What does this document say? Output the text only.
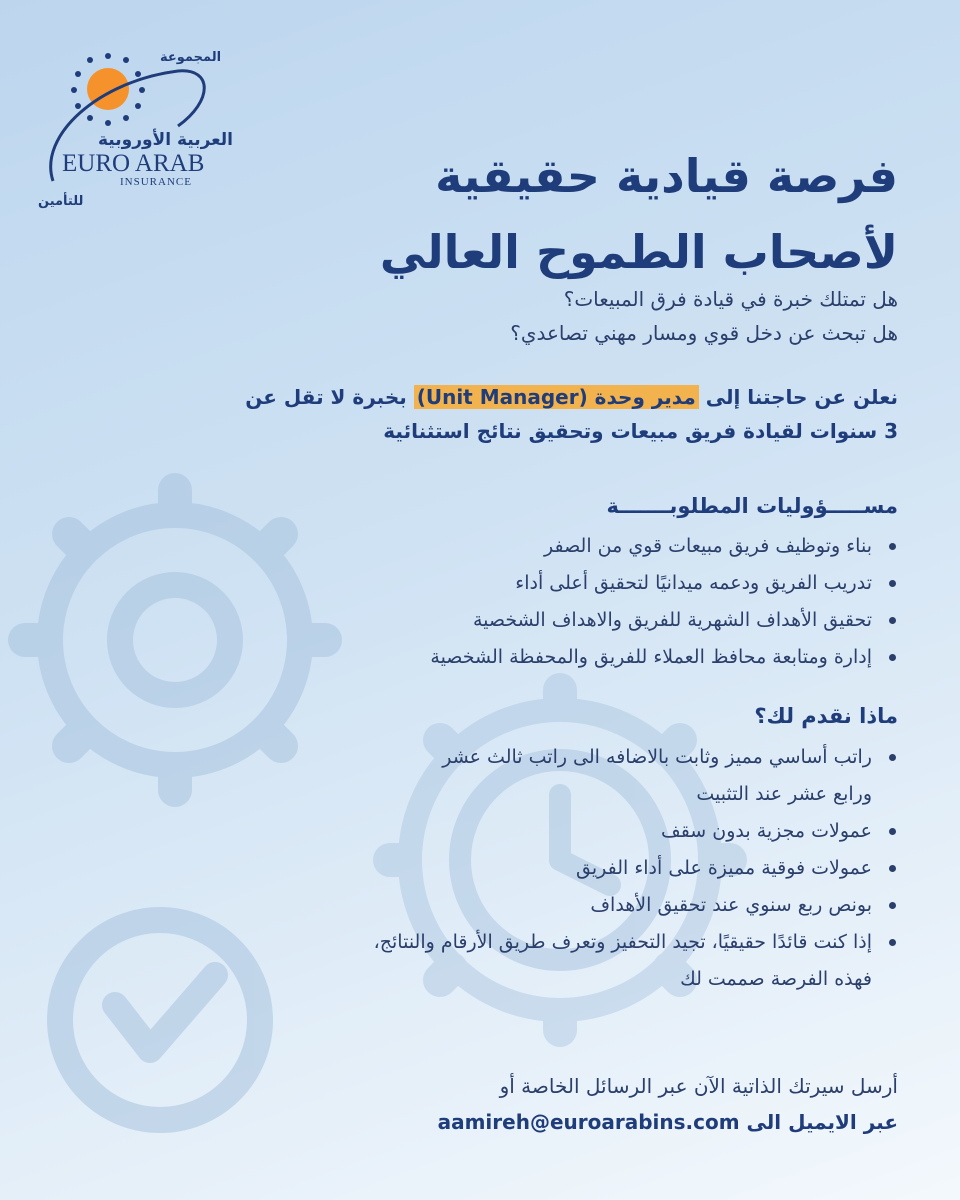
المجموعة
العربية الأوروبية
EURO ARAB
INSURANCE
للتأمين	فرصة قيادية حقيقية
لأصحاب الطموح العالي
هل تمتلك خبرة في قيادة فرق المبيعات؟
هل تبحث عن دخل قوي ومسار مهني تصاعدي؟
نعلن عن حاجتنا إلى مدير وحدة (Unit Manager) بخبرة لا تقل عن
3 سنوات لقيادة فريق مبيعات وتحقيق نتائج استثنائية
مســـــؤوليات المطلوبـــــــة
بناء وتوظيف فريق مبيعات قوي من الصفر
تدريب الفريق ودعمه ميدانيًا لتحقيق أعلى أداء
تحقيق الأهداف الشهرية للفريق والاهداف الشخصية
إدارة ومتابعة محافظ العملاء للفريق والمحفظة الشخصية
ماذا نقدم لك؟
راتب أساسي مميز وثابت بالاضافه الى راتب ثالث عشر
ورابع عشر عند التثبيت
عمولات مجزية بدون سقف
عمولات فوقية مميزة على أداء الفريق
بونص ربع سنوي عند تحقيق الأهداف
إذا كنت قائدًا حقيقيًا، تجيد التحفيز وتعرف طريق الأرقام والنتائج،
فهذه الفرصة صممت لك
أرسل سيرتك الذاتية الآن عبر الرسائل الخاصة أو
عبر الايميل الى aamireh@euroarabins.com
